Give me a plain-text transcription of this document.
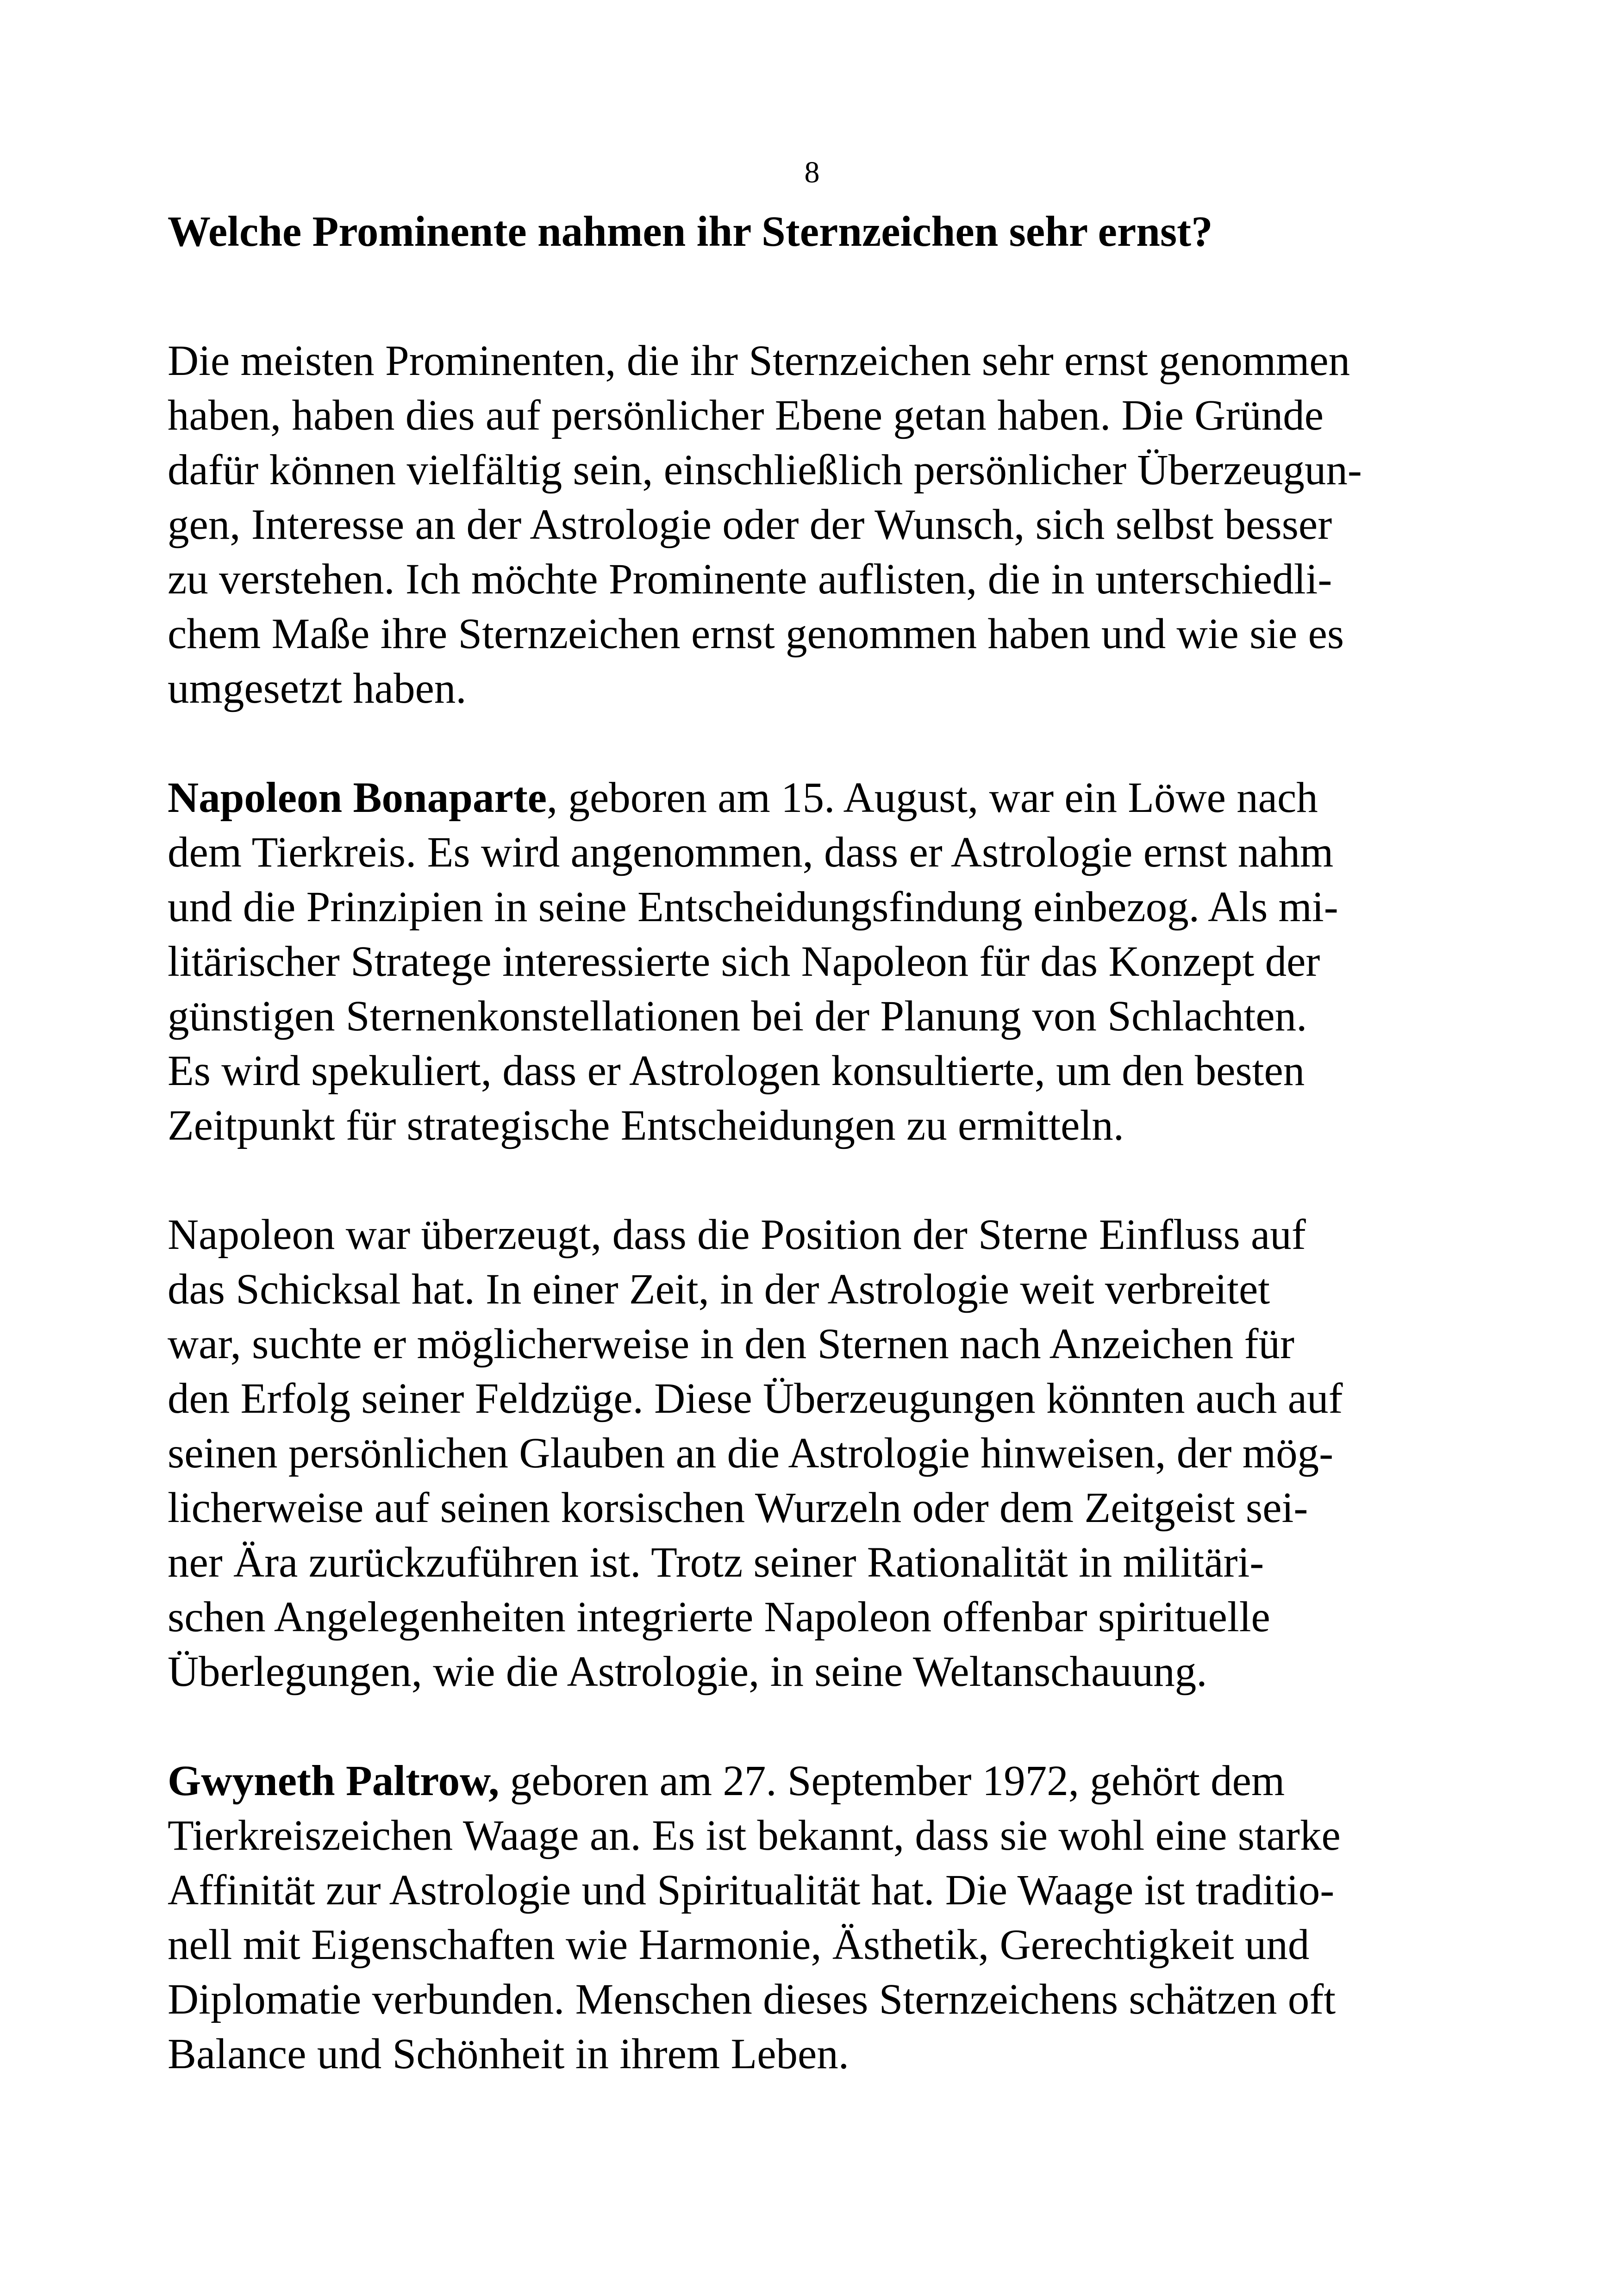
8
Welche Prominente nahmen ihr Sternzeichen sehr ernst?

Die meisten Prominenten, die ihr Sternzeichen sehr ernst genommen
haben, haben dies auf persönlicher Ebene getan haben. Die Gründe
dafür können vielfältig sein, einschließlich persönlicher Überzeugun-
gen, Interesse an der Astrologie oder der Wunsch, sich selbst besser
zu verstehen. Ich möchte Prominente auflisten, die in unterschiedli-
chem Maße ihre Sternzeichen ernst genommen haben und wie sie es
umgesetzt haben.

Napoleon Bonaparte, geboren am 15. August, war ein Löwe nach
dem Tierkreis. Es wird angenommen, dass er Astrologie ernst nahm
und die Prinzipien in seine Entscheidungsfindung einbezog. Als mi-
litärischer Stratege interessierte sich Napoleon für das Konzept der
günstigen Sternenkonstellationen bei der Planung von Schlachten.
Es wird spekuliert, dass er Astrologen konsultierte, um den besten
Zeitpunkt für strategische Entscheidungen zu ermitteln.

Napoleon war überzeugt, dass die Position der Sterne Einfluss auf
das Schicksal hat. In einer Zeit, in der Astrologie weit verbreitet
war, suchte er möglicherweise in den Sternen nach Anzeichen für
den Erfolg seiner Feldzüge. Diese Überzeugungen könnten auch auf
seinen persönlichen Glauben an die Astrologie hinweisen, der mög-
licherweise auf seinen korsischen Wurzeln oder dem Zeitgeist sei-
ner Ära zurückzuführen ist. Trotz seiner Rationalität in militäri-
schen Angelegenheiten integrierte Napoleon offenbar spirituelle
Überlegungen, wie die Astrologie, in seine Weltanschauung.

Gwyneth Paltrow, geboren am 27. September 1972, gehört dem
Tierkreiszeichen Waage an. Es ist bekannt, dass sie wohl eine starke
Affinität zur Astrologie und Spiritualität hat. Die Waage ist traditio-
nell mit Eigenschaften wie Harmonie, Ästhetik, Gerechtigkeit und
Diplomatie verbunden. Menschen dieses Sternzeichens schätzen oft
Balance und Schönheit in ihrem Leben.
